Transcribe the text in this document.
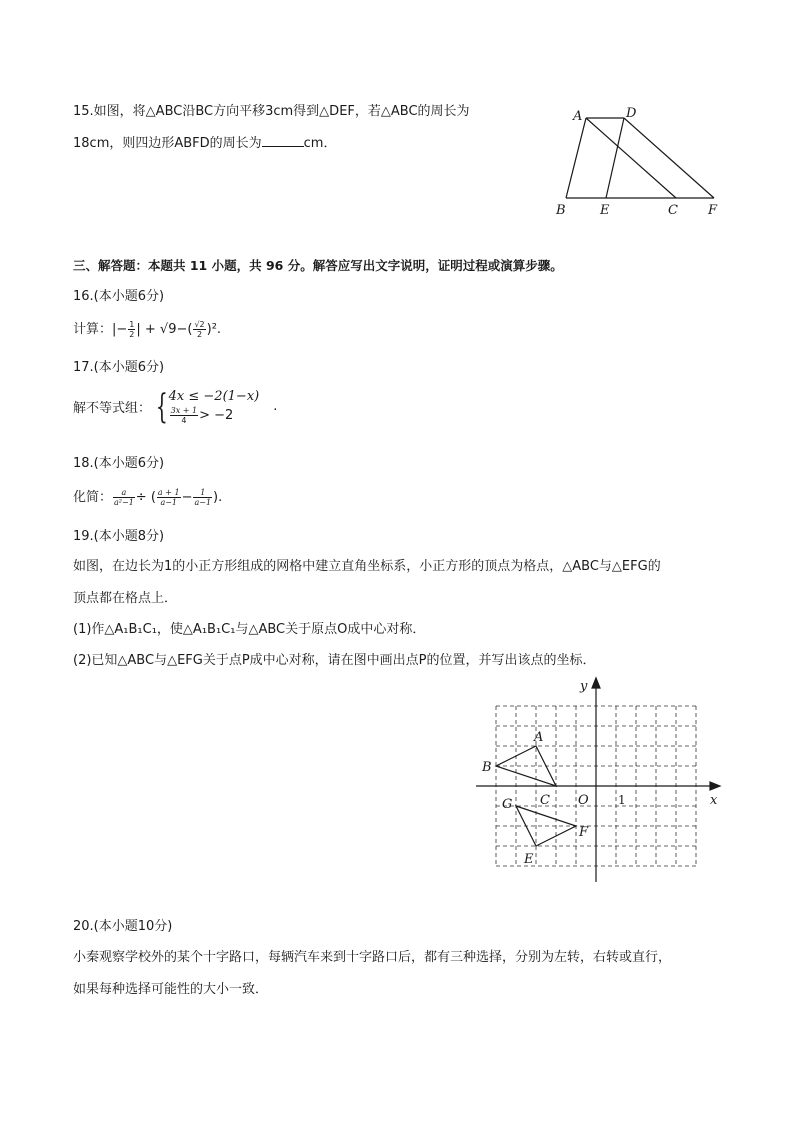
15.如图，将△ABC沿BC方向平移3cm得到△DEF，若△ABC的周长为
18cm，则四边形ABFD的周长为	cm．
A	D
B	E	C F
三、解答题：本题共 11 小题，共 96 分。解答应写出文字说明，证明过程或演算步骤。
16.(本小题6分)
计算：|− $\frac{1}{2}$ | + $√9-( \frac{√2}{2} )^2$.
17.(本小题6分)
解不等式组： { 4x ≤ −2(1−x)
$\frac{3x + 1}{4} > -2$
.
18.(本小题6分)
化简： $\frac{a}{\text{a²−1}}$ ÷ ( $\frac{a + 1}{a-1} - \frac{1}{a-1}$ ).
19.(本小题8分)
如图，在边长为1的小正方形组成的网格中建立直角坐标系，小正方形的顶点为格点，△ABC与△EFG的
顶点都在格点上．
(1)作△A₁B₁C₁，使△A₁B₁C₁与△ABC关于原点O成中心对称．
(2)已知△ABC与△EFG关于点P成中心对称，请在图中画出点P的位置，并写出该点的坐标．
A
B
C
G
F
E
O 1	x
y
20.(本小题10分)
小秦观察学校外的某个十字路口，每辆汽车来到十字路口后，都有三种选择，分别为左转，右转或直行，
如果每种选择可能性的大小一致．
